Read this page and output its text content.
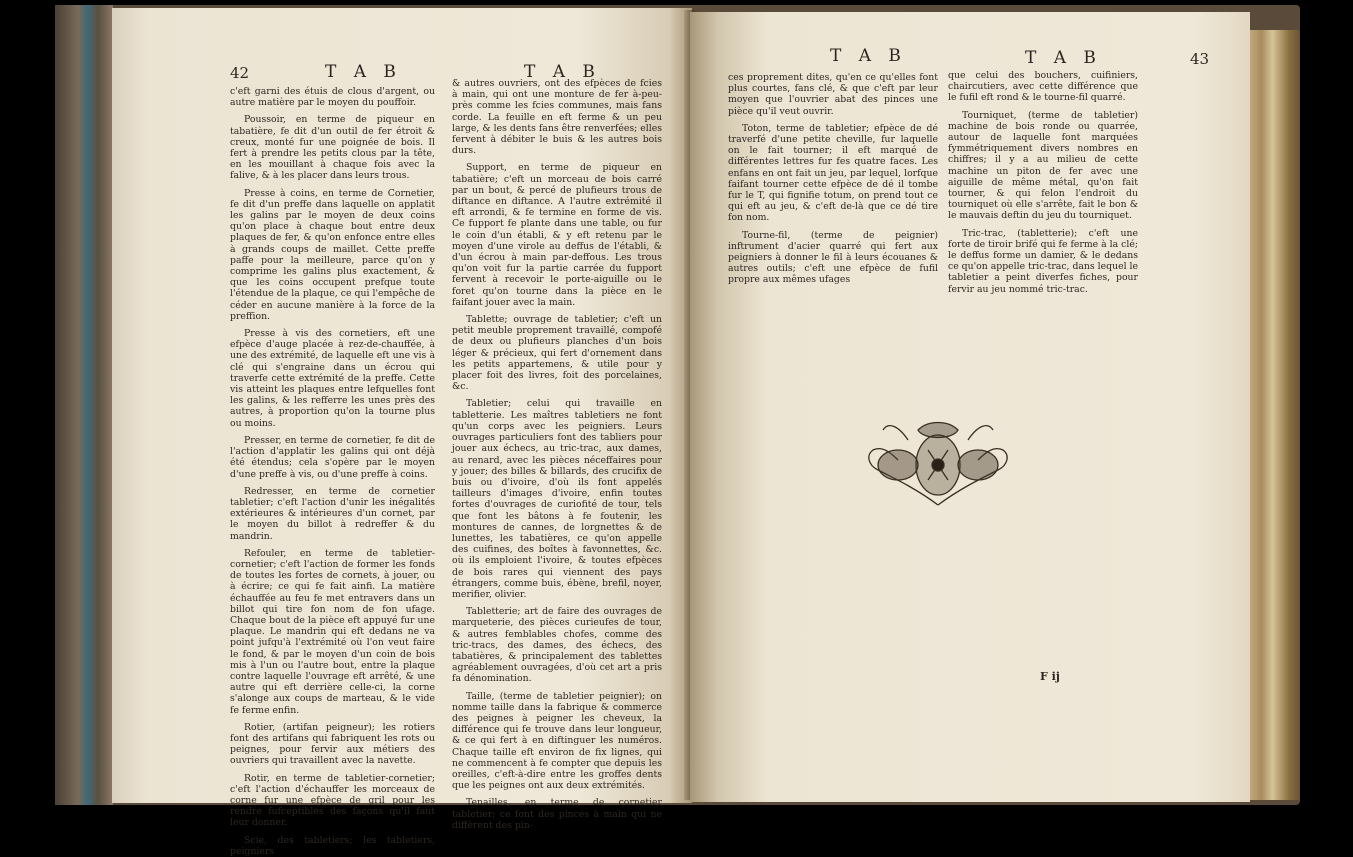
42	T A B	T A B

c'eft garni des étuis de clous d'argent, ou autre matière par le moyen du pouffoir.

Poussoir, en terme de piqueur en tabatière, fe dit d'un outil de fer étroit & creux, monté fur une poignée de bois. Il fert à prendre les petits clous par la tête, en les mouillant à chaque fois avec la falive, & à les placer dans leurs trous.

Presse à coins, en terme de Cornetier, fe dit d'un preffe dans laquelle on applatit les galins par le moyen de deux coins qu'on place à chaque bout entre deux plaques de fer, & qu'on enfonce entre elles à grands coups de maillet. Cette preffe paffe pour la meilleure, parce qu'on y comprime les galins plus exactement, & que les coins occupent prefque toute l'étendue de la plaque, ce qui l'empêche de céder en aucune manière à la force de la preffion.

Presse à vis des cornetiers, eft une efpèce d'auge placée à rez-de-chauffée, à une des extrémité, de laquelle eft une vis à clé qui s'engraine dans un écrou qui traverfe cette extrémité de la preffe. Cette vis atteint les plaques entre lefquelles font les galins, & les refferre les unes près des autres, à proportion qu'on la tourne plus ou moins.

Presser, en terme de cornetier, fe dit de l'action d'applatir les galins qui ont déjà été étendus; cela s'opère par le moyen d'une preffe à vis, ou d'une preffe à coins.

Redresser, en terme de cornetier tabletier; c'eft l'action d'unir les inégalités extérieures & intérieures d'un cornet, par le moyen du billot à redreffer & du mandrin.

Refouler, en terme de tabletier-cornetier; c'eft l'action de former les fonds de toutes les fortes de cornets, à jouer, ou à écrire; ce qui fe fait ainfi. La matière échauffée au feu fe met entravers dans un billot qui tire fon nom de fon ufage. Chaque bout de la pièce eft appuyé fur une plaque. Le mandrin qui eft dedans ne va point jufqu'à l'extrémité où l'on veut faire le fond, & par le moyen d'un coin de bois mis à l'un ou l'autre bout, entre la plaque contre laquelle l'ouvrage eft arrêté, & une autre qui eft derrière celle-ci, la corne s'alonge aux coups de marteau, & le vide fe ferme enfin.

Rotier, (artifan peigneur); les rotiers font des artifans qui fabriquent les rots ou peignes, pour fervir aux métiers des ouvriers qui travaillent avec la navette.

Rotir, en terme de tabletier-cornetier; c'eft l'action d'échauffer les morceaux de corne fur une efpèce de gril pour les rendre fufceptibles des façons qu'il faut leur donner.

Scie, des tabletiers; les tabletiers, peigniers

& autres ouvriers, ont des efpèces de fcies à main, qui ont une monture de fer à-peu-près comme les fcies communes, mais fans corde. La feuille en eft ferme & un peu large, & les dents fans être renverfées; elles fervent à débiter le buis & les autres bois durs.

Support, en terme de piqueur en tabatière; c'eft un morceau de bois carré par un bout, & percé de plufieurs trous de diftance en diftance. A l'autre extrémité il eft arrondi, & fe termine en forme de vis. Ce fupport fe plante dans une table, ou fur le coin d'un établi, & y eft retenu par le moyen d'une virole au deffus de l'établi, & d'un écrou à main par-deffous. Les trous qu'on voit fur la partie carrée du fupport fervent à recevoir le porte-aiguille ou le foret qu'on tourne dans la pièce en le faifant jouer avec la main.

Tablette; ouvrage de tabletier; c'eft un petit meuble proprement travaillé, compofé de deux ou plufieurs planches d'un bois léger & précieux, qui fert d'ornement dans les petits appartemens, & utile pour y placer foit des livres, foit des porcelaines, &c.

Tabletier; celui qui travaille en tabletterie. Les maîtres tabletiers ne font qu'un corps avec les peigniers. Leurs ouvrages particuliers font des tabliers pour jouer aux échecs, au tric-trac, aux dames, au renard, avec les pièces néceffaires pour y jouer; des billes & billards, des crucifix de buis ou d'ivoire, d'où ils font appelés tailleurs d'images d'ivoire, enfin toutes fortes d'ouvrages de curiofité de tour, tels que font les bâtons à fe foutenir, les montures de cannes, de lorgnettes & de lunettes, les tabatières, ce qu'on appelle des cuifines, des boîtes à favonnettes, &c. où ils emploient l'ivoire, & toutes efpèces de bois rares qui viennent des pays étrangers, comme buis, ébène, brefil, noyer, merifier, olivier.

Tabletterie; art de faire des ouvrages de marqueterie, des pièces curieufes de tour, & autres femblables chofes, comme des tric-tracs, des dames, des échecs, des tabatières, & principalement des tablettes agréablement ouvragées, d'où cet art a pris fa dénomination.

Taille, (terme de tabletier peignier); on nomme taille dans la fabrique & commerce des peignes à peigner les cheveux, la différence qui fe trouve dans leur longueur, & ce qui fert à en diftinguer les numéros. Chaque taille eft environ de fix lignes, qui ne commencent à fe compter que depuis les oreilles, c'eft-à-dire entre les groffes dents que les peignes ont aux deux extrémités.

Tenailles, en terme de cornetier tabletier; ce font des pinces à main qui ne diffèrent des pin-

T A B	T A B	43

ces proprement dites, qu'en ce qu'elles font plus courtes, fans clé, & que c'eft par leur moyen que l'ouvrier abat des pinces une pièce qu'il veut ouvrir.

Toton, terme de tabletier; efpèce de dé traverfé d'une petite cheville, fur laquelle on le fait tourner; il eft marqué de différentes lettres fur fes quatre faces. Les enfans en ont fait un jeu, par lequel, lorfque faifant tourner cette efpèce de dé il tombe fur le T, qui fignifie totum, on prend tout ce qui eft au jeu, & c'eft de-là que ce dé tire fon nom.

Tourne-fil, (terme de peignier) inftrument d'acier quarré qui fert aux peigniers à donner le fil à leurs écouanes & autres outils; c'eft une efpèce de fufil propre aux mêmes ufages

que celui des bouchers, cuifiniers, chaircutiers, avec cette différence que le fufil eft rond & le tourne-fil quarré.

Tourniquet, (terme de tabletier) machine de bois ronde ou quarrée, autour de laquelle font marquées fymmétriquement divers nombres en chiffres; il y a au milieu de cette machine un piton de fer avec une aiguille de même métal, qu'on fait tourner, & qui felon l'endroit du tourniquet où elle s'arrête, fait le bon & le mauvais deftin du jeu du tourniquet.

Tric-trac, (tabletterie); c'eft une forte de tiroir brifé qui fe ferme à la clé; le deffus forme un damier, & le dedans ce qu'on appelle tric-trac, dans lequel le tabletier a peint diverfes fiches, pour fervir au jeu nommé tric-trac.

F ij
